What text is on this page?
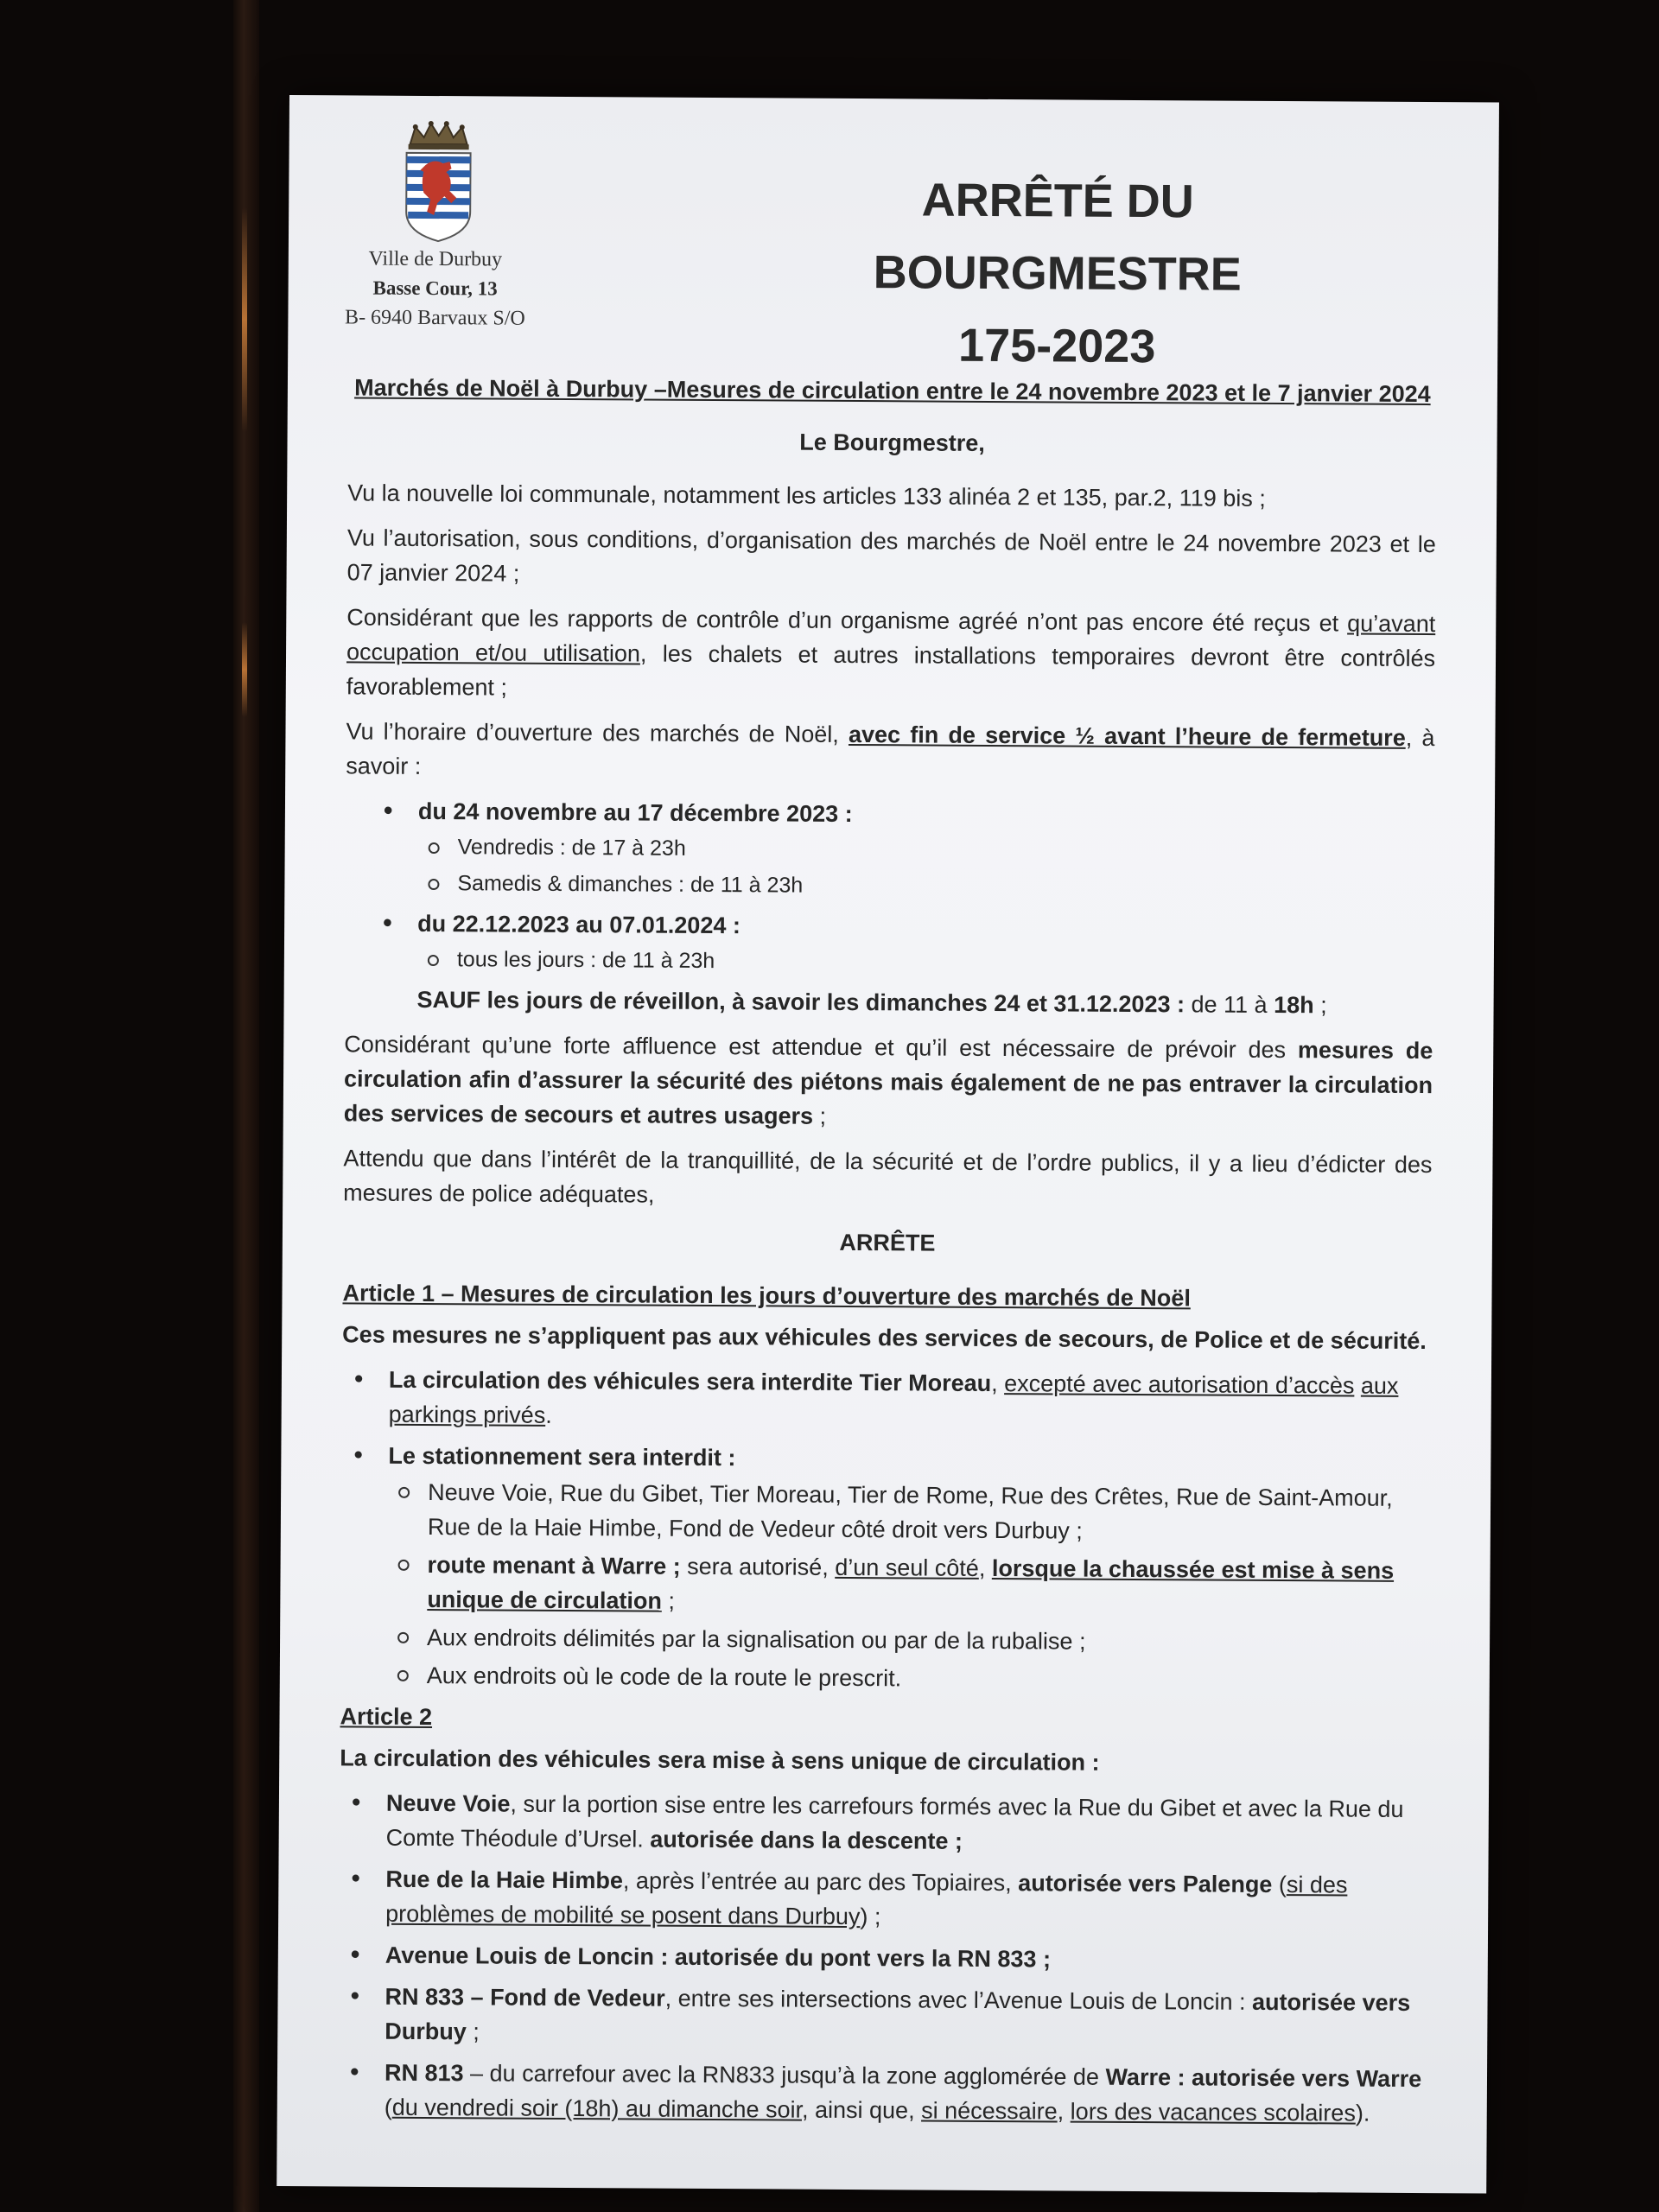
Ville de Durbuy
Basse Cour, 13
B- 6940 Barvaux S/O
ARRÊTÉ DU BOURGMESTRE
175-2023

Marchés de Noël à Durbuy –Mesures de circulation entre le 24 novembre 2023 et le 7 janvier 2024

Le Bourgmestre,

Vu la nouvelle loi communale, notamment les articles 133 alinéa 2 et 135, par.2, 119 bis ;

Vu l’autorisation, sous conditions, d’organisation des marchés de Noël entre le 24 novembre 2023 et le 07 janvier 2024 ;

Considérant que les rapports de contrôle d’un organisme agréé n’ont pas encore été reçus et qu’avant occupation et/ou utilisation, les chalets et autres installations temporaires devront être contrôlés favorablement ;

Vu l’horaire d’ouverture des marchés de Noël, avec fin de service ½ avant l’heure de fermeture, à savoir :

• du 24 novembre au 17 décembre 2023 :
Vendredis : de 17 à 23h
Samedis & dimanches : de 11 à 23h
• du 22.12.2023 au 07.01.2024 :
tous les jours : de 11 à 23h

SAUF les jours de réveillon, à savoir les dimanches 24 et 31.12.2023 : de 11 à 18h ;

Considérant qu’une forte affluence est attendue et qu’il est nécessaire de prévoir des mesures de circulation afin d’assurer la sécurité des piétons mais également de ne pas entraver la circulation des services de secours et autres usagers ;

Attendu que dans l’intérêt de la tranquillité, de la sécurité et de l’ordre publics, il y a lieu d’édicter des mesures de police adéquates,

ARRÊTE

Article 1 – Mesures de circulation les jours d’ouverture des marchés de Noël

Ces mesures ne s’appliquent pas aux véhicules des services de secours, de Police et de sécurité.

• La circulation des véhicules sera interdite Tier Moreau, excepté avec autorisation d’accès aux parkings privés.
• Le stationnement sera interdit :
Neuve Voie, Rue du Gibet, Tier Moreau, Tier de Rome, Rue des Crêtes, Rue de Saint-Amour, Rue de la Haie Himbe, Fond de Vedeur côté droit vers Durbuy ;
route menant à Warre ; sera autorisé, d’un seul côté, lorsque la chaussée est mise à sens unique de circulation ;
Aux endroits délimités par la signalisation ou par de la rubalise ;
Aux endroits où le code de la route le prescrit.

Article 2

La circulation des véhicules sera mise à sens unique de circulation :

• Neuve Voie, sur la portion sise entre les carrefours formés avec la Rue du Gibet et avec la Rue du Comte Théodule d’Ursel. autorisée dans la descente ;
• Rue de la Haie Himbe, après l’entrée au parc des Topiaires, autorisée vers Palenge (si des problèmes de mobilité se posent dans Durbuy) ;
• Avenue Louis de Loncin : autorisée du pont vers la RN 833 ;
• RN 833 – Fond de Vedeur, entre ses intersections avec l’Avenue Louis de Loncin : autorisée vers Durbuy ;
• RN 813 – du carrefour avec la RN833 jusqu’à la zone agglomérée de Warre : autorisée vers Warre (du vendredi soir (18h) au dimanche soir, ainsi que, si nécessaire, lors des vacances scolaires).
